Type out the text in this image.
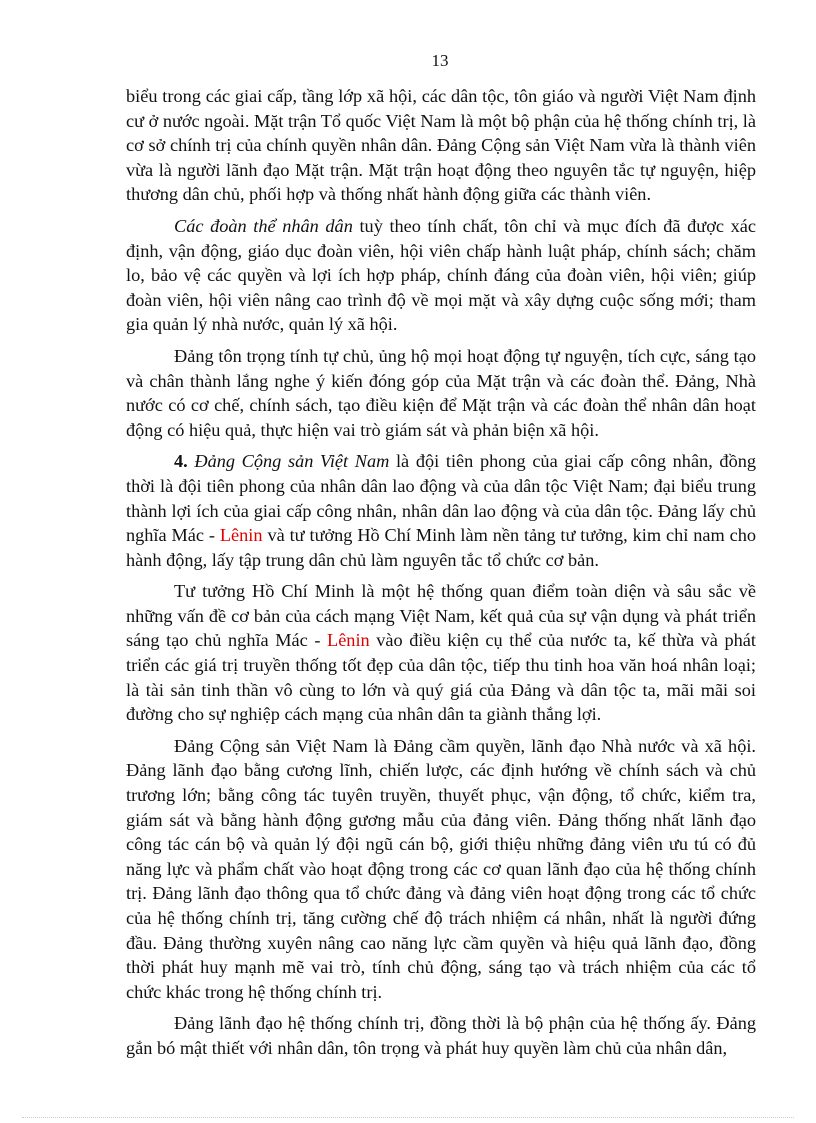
13

biểu trong các giai cấp, tầng lớp xã hội, các dân tộc, tôn giáo và người Việt Nam định cư ở nước ngoài. Mặt trận Tổ quốc Việt Nam là một bộ phận của hệ thống chính trị, là cơ sở chính trị của chính quyền nhân dân. Đảng Cộng sản Việt Nam vừa là thành viên vừa là người lãnh đạo Mặt trận. Mặt trận hoạt động theo nguyên tắc tự nguyện, hiệp thương dân chủ, phối hợp và thống nhất hành động giữa các thành viên.

Các đoàn thể nhân dân tuỳ theo tính chất, tôn chỉ và mục đích đã được xác định, vận động, giáo dục đoàn viên, hội viên chấp hành luật pháp, chính sách; chăm lo, bảo vệ các quyền và lợi ích hợp pháp, chính đáng của đoàn viên, hội viên; giúp đoàn viên, hội viên nâng cao trình độ về mọi mặt và xây dựng cuộc sống mới; tham gia quản lý nhà nước, quản lý xã hội.

Đảng tôn trọng tính tự chủ, ủng hộ mọi hoạt động tự nguyện, tích cực, sáng tạo và chân thành lắng nghe ý kiến đóng góp của Mặt trận và các đoàn thể. Đảng, Nhà nước có cơ chế, chính sách, tạo điều kiện để Mặt trận và các đoàn thể nhân dân hoạt động có hiệu quả, thực hiện vai trò giám sát và phản biện xã hội.

4. Đảng Cộng sản Việt Nam là đội tiên phong của giai cấp công nhân, đồng thời là đội tiên phong của nhân dân lao động và của dân tộc Việt Nam; đại biểu trung thành lợi ích của giai cấp công nhân, nhân dân lao động và của dân tộc. Đảng lấy chủ nghĩa Mác - Lênin và tư tưởng Hồ Chí Minh làm nền tảng tư tưởng, kim chỉ nam cho hành động, lấy tập trung dân chủ làm nguyên tắc tổ chức cơ bản.

Tư tưởng Hồ Chí Minh là một hệ thống quan điểm toàn diện và sâu sắc về những vấn đề cơ bản của cách mạng Việt Nam, kết quả của sự vận dụng và phát triển sáng tạo chủ nghĩa Mác - Lênin vào điều kiện cụ thể của nước ta, kế thừa và phát triển các giá trị truyền thống tốt đẹp của dân tộc, tiếp thu tinh hoa văn hoá nhân loại; là tài sản tinh thần vô cùng to lớn và quý giá của Đảng và dân tộc ta, mãi mãi soi đường cho sự nghiệp cách mạng của nhân dân ta giành thắng lợi.

Đảng Cộng sản Việt Nam là Đảng cầm quyền, lãnh đạo Nhà nước và xã hội. Đảng lãnh đạo bằng cương lĩnh, chiến lược, các định hướng về chính sách và chủ trương lớn; bằng công tác tuyên truyền, thuyết phục, vận động, tổ chức, kiểm tra, giám sát và bằng hành động gương mẫu của đảng viên. Đảng thống nhất lãnh đạo công tác cán bộ và quản lý đội ngũ cán bộ, giới thiệu những đảng viên ưu tú có đủ năng lực và phẩm chất vào hoạt động trong các cơ quan lãnh đạo của hệ thống chính trị. Đảng lãnh đạo thông qua tổ chức đảng và đảng viên hoạt động trong các tổ chức của hệ thống chính trị, tăng cường chế độ trách nhiệm cá nhân, nhất là người đứng đầu. Đảng thường xuyên nâng cao năng lực cầm quyền và hiệu quả lãnh đạo, đồng thời phát huy mạnh mẽ vai trò, tính chủ động, sáng tạo và trách nhiệm của các tổ chức khác trong hệ thống chính trị.

Đảng lãnh đạo hệ thống chính trị, đồng thời là bộ phận của hệ thống ấy. Đảng gắn bó mật thiết với nhân dân, tôn trọng và phát huy quyền làm chủ của nhân dân,
